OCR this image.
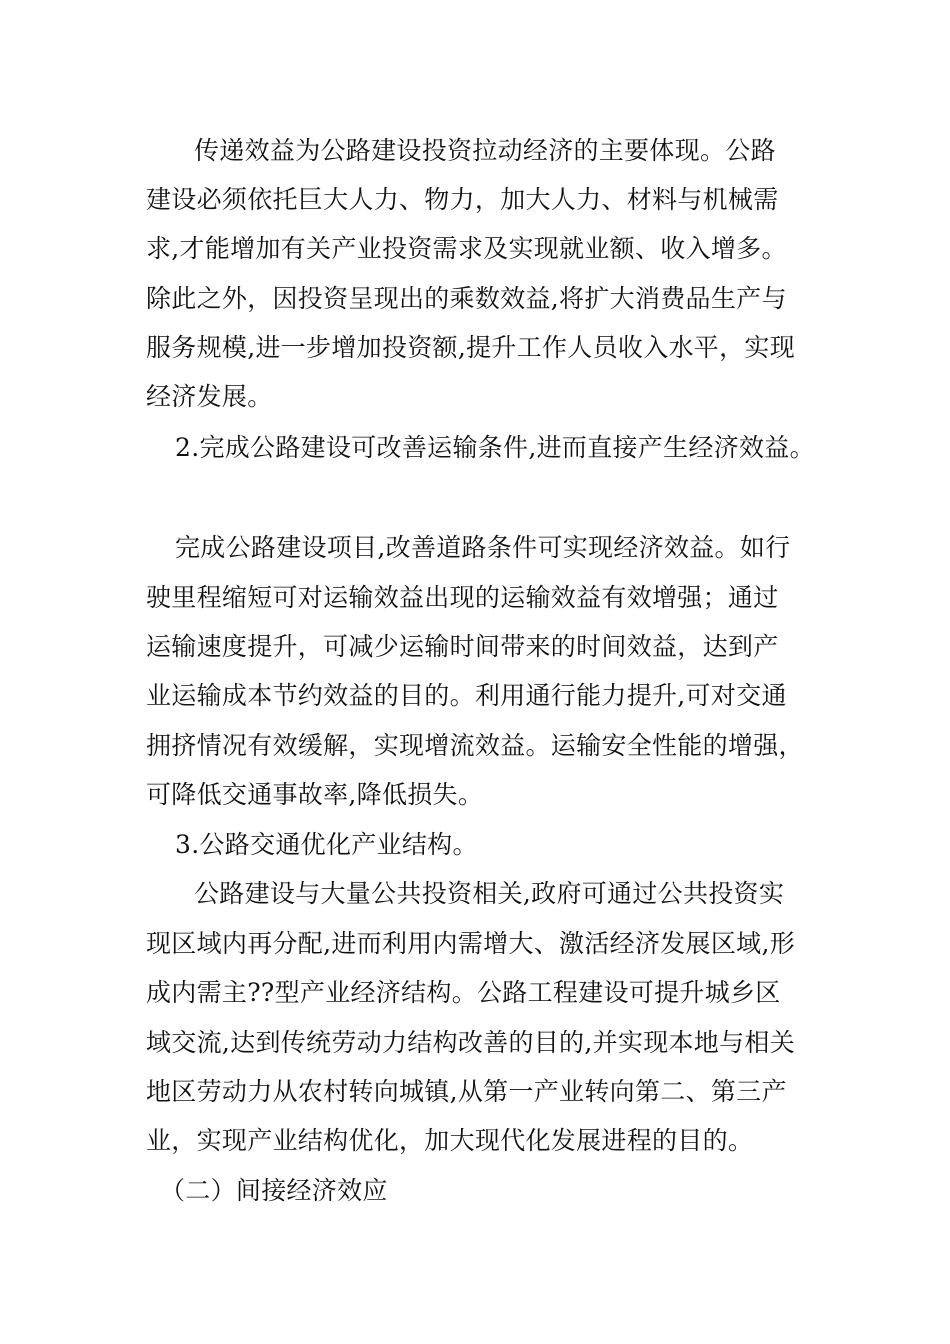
传递效益为公路建设投资拉动经济的主要体现。公路
建设必须依托巨大人力、物力，加大人力、材料与机械需
求,才能增加有关产业投资需求及实现就业额、收入增多。
除此之外，因投资呈现出的乘数效益,将扩大消费品生产与
服务规模,进一步增加投资额,提升工作人员收入水平，实现
经济发展。
2.完成公路建设可改善运输条件,进而直接产生经济效益。
完成公路建设项目,改善道路条件可实现经济效益。如行
驶里程缩短可对运输效益出现的运输效益有效增强；通过
运输速度提升，可减少运输时间带来的时间效益，达到产
业运输成本节约效益的目的。利用通行能力提升,可对交通
拥挤情况有效缓解，实现增流效益。运输安全性能的增强，
可降低交通事故率,降低损失。
3.公路交通优化产业结构。
公路建设与大量公共投资相关,政府可通过公共投资实
现区域内再分配,进而利用内需增大、激活经济发展区域,形
成内需主??型产业经济结构。公路工程建设可提升城乡区
域交流,达到传统劳动力结构改善的目的,并实现本地与相关
地区劳动力从农村转向城镇,从第一产业转向第二、第三产
业，实现产业结构优化，加大现代化发展进程的目的。
（二）间接经济效应
